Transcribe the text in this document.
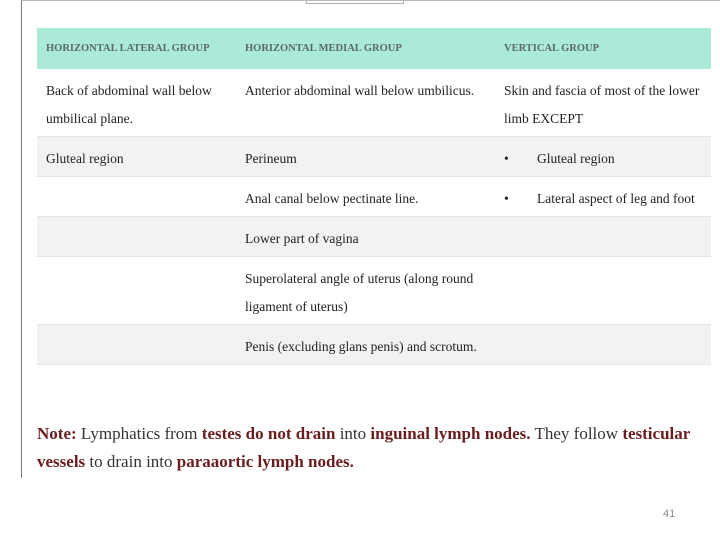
HORIZONTAL LATERAL GROUP	HORIZONTAL MEDIAL GROUP	VERTICAL GROUP
Back of abdominal wall below umbilical plane.	Anterior abdominal wall below umbilicus.	Skin and fascia of most of the lower limb EXCEPT
Gluteal region	Perineum	• Gluteal region
	Anal canal below pectinate line.	• Lateral aspect of leg and foot
	Lower part of vagina	
	Superolateral angle of uterus (along round ligament of uterus)	
	Penis (excluding glans penis) and scrotum.	

Note: Lymphatics from testes do not drain into inguinal lymph nodes. They follow testicular vessels to drain into paraaortic lymph nodes.

41
